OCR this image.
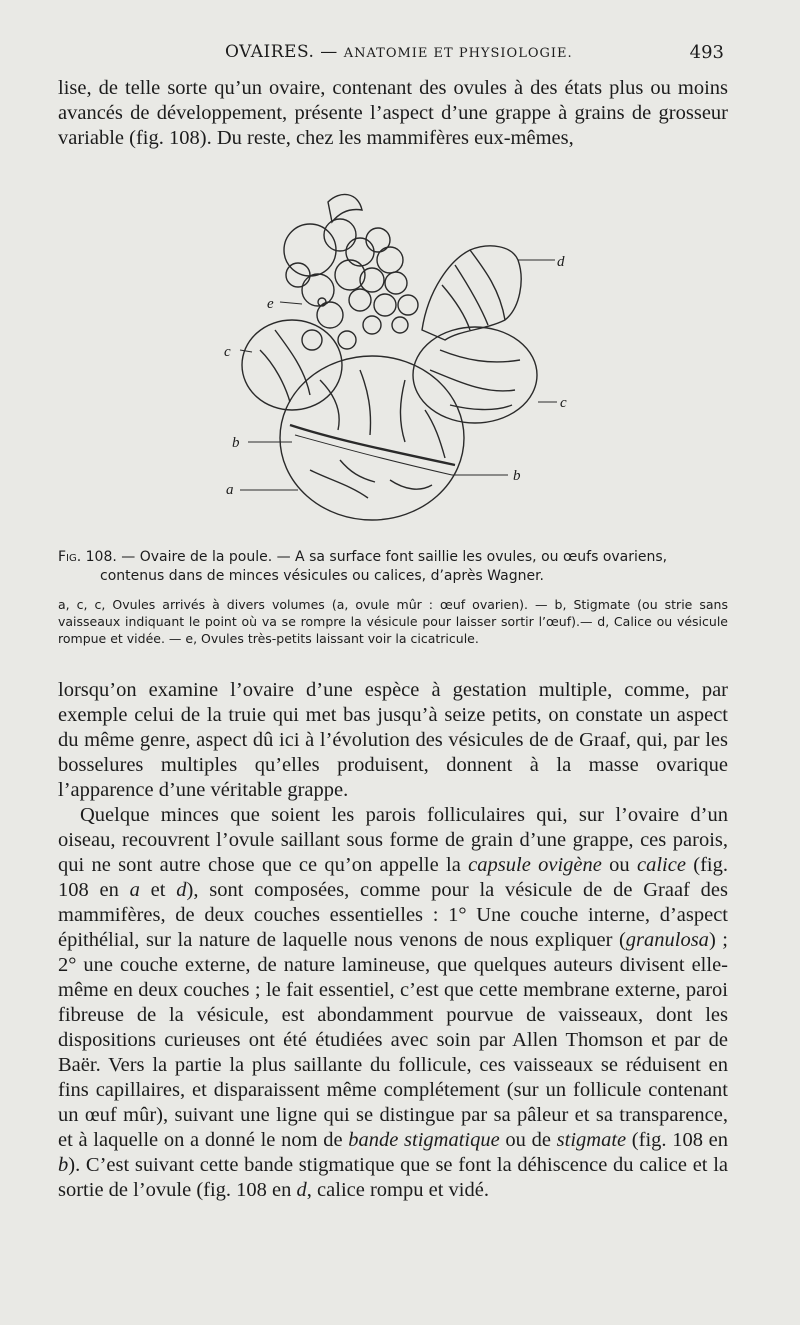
OVAIRES. — ANATOMIE ET PHYSIOLOGIE.	493

lise, de telle sorte qu’un ovaire, contenant des ovules à des états plus ou moins avancés de développement, présente l’aspect d’une grappe à grains de grosseur variable (fig. 108). Du reste, chez les mammifères eux-mêmes,

d
e
c
c
b
b
a
Fig. 108. — Ovaire de la poule. — A sa surface font saillie les ovules, ou œufs ovariens,
contenus dans de minces vésicules ou calices, d’après Wagner.
a, c, c, Ovules arrivés à divers volumes (a, ovule mûr : œuf ovarien). — b, Stigmate (ou strie sans vaisseaux indiquant le point où va se rompre la vésicule pour laisser sortir l’œuf).— d, Calice ou vésicule rompue et vidée. — e, Ovules très-petits laissant voir la cicatricule.

lorsqu’on examine l’ovaire d’une espèce à gestation multiple, comme, par exemple celui de la truie qui met bas jusqu’à seize petits, on constate un aspect du même genre, aspect dû ici à l’évolution des vésicules de de Graaf, qui, par les bosselures multiples qu’elles produisent, donnent à la masse ovarique l’apparence d’une véritable grappe.

Quelque minces que soient les parois folliculaires qui, sur l’ovaire d’un oiseau, recouvrent l’ovule saillant sous forme de grain d’une grappe, ces parois, qui ne sont autre chose que ce qu’on appelle la capsule ovigène ou calice (fig. 108 en a et d), sont composées, comme pour la vésicule de de Graaf des mammifères, de deux couches essentielles : 1° Une couche interne, d’aspect épithélial, sur la nature de laquelle nous venons de nous expliquer (granulosa) ; 2° une couche externe, de nature lamineuse, que quelques auteurs divisent elle-même en deux couches ; le fait essentiel, c’est que cette membrane externe, paroi fibreuse de la vésicule, est abondamment pourvue de vaisseaux, dont les dispositions curieuses ont été étudiées avec soin par Allen Thomson et par de Baër. Vers la partie la plus saillante du follicule, ces vaisseaux se réduisent en fins capillaires, et disparaissent même complétement (sur un follicule contenant un œuf mûr), suivant une ligne qui se distingue par sa pâleur et sa transparence, et à laquelle on a donné le nom de bande stigmatique ou de stigmate (fig. 108 en b). C’est suivant cette bande stigmatique que se font la déhiscence du calice et la sortie de l’ovule (fig. 108 en d, calice rompu et vidé.
